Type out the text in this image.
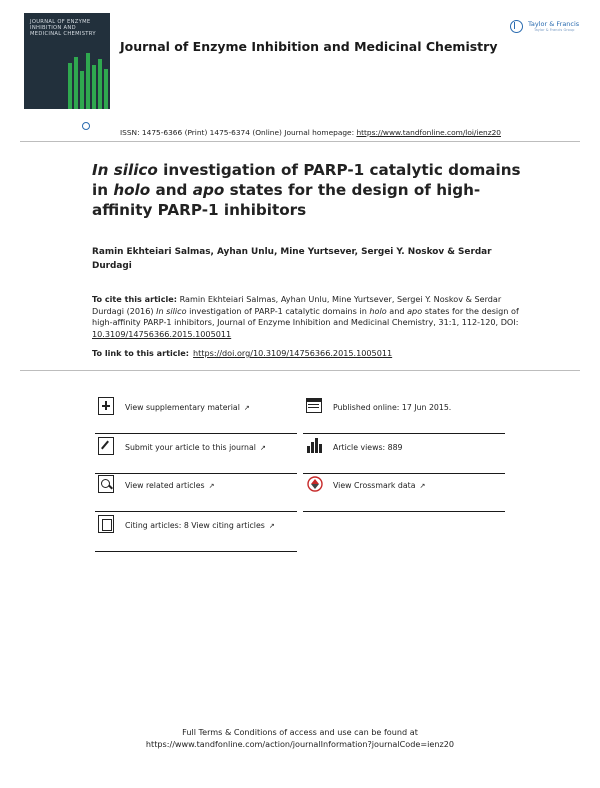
JOURNAL OF ENZYME INHIBITION AND MEDICINAL CHEMISTRY
Journal of Enzyme Inhibition and Medicinal Chemistry
Taylor & Francis
Taylor & Francis Group
ISSN: 1475-6366 (Print) 1475-6374 (Online) Journal homepage: https://www.tandfonline.com/loi/ienz20
In silico investigation of PARP-1 catalytic domains in holo and apo states for the design of high-affinity PARP-1 inhibitors
Ramin Ekhteiari Salmas, Ayhan Unlu, Mine Yurtsever, Sergei Y. Noskov & Serdar Durdagi
To cite this article: Ramin Ekhteiari Salmas, Ayhan Unlu, Mine Yurtsever, Sergei Y. Noskov & Serdar Durdagi (2016) In silico investigation of PARP-1 catalytic domains in holo and apo states for the design of high-affinity PARP-1 inhibitors, Journal of Enzyme Inhibition and Medicinal Chemistry, 31:1, 112-120, DOI: 10.3109/14756366.2015.1005011
To link to this article: https://doi.org/10.3109/14756366.2015.1005011
View supplementary material ↗
Submit your article to this journal ↗
View related articles ↗
Citing articles: 8 View citing articles ↗
Published online: 17 Jun 2015.
Article views: 889
View Crossmark data ↗
Full Terms & Conditions of access and use can be found at
https://www.tandfonline.com/action/journalInformation?journalCode=ienz20
